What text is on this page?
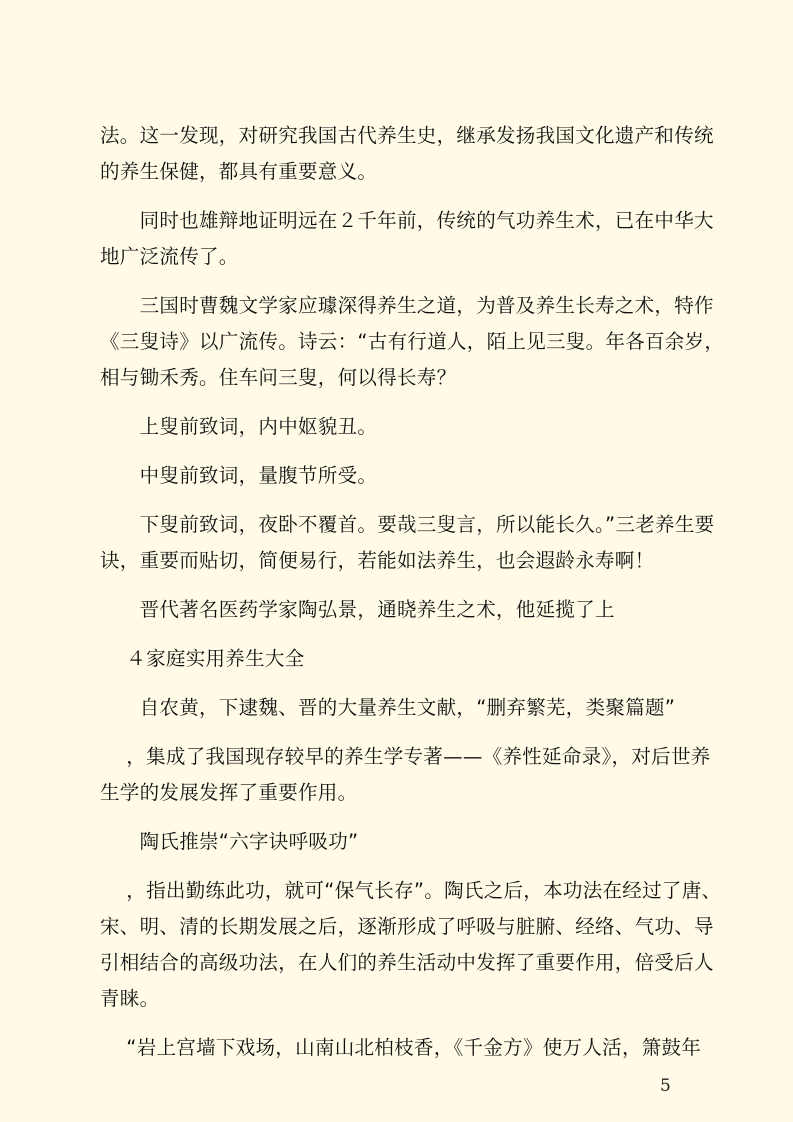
法。这一发现，对研究我国古代养生史，继承发扬我国文化遗产和传统
的养生保健，都具有重要意义。
　　同时也雄辩地证明远在２千年前，传统的气功养生术，已在中华大
地广泛流传了。
　　三国时曹魏文学家应璩深得养生之道，为普及养生长寿之术，特作
《三叟诗》以广流传。诗云：“古有行道人，陌上见三叟。年各百余岁，
相与锄禾秀。住车问三叟，何以得长寿？
　　上叟前致词，内中妪貌丑。
　　中叟前致词，量腹节所受。
　　下叟前致词，夜卧不覆首。要哉三叟言，所以能长久。”三老养生要
诀，重要而贴切，简便易行，若能如法养生，也会遐龄永寿啊！
　　晋代著名医药学家陶弘景，通晓养生之术，他延揽了上
　 ４家庭实用养生大全
　　自农黄，下逮魏、晋的大量养生文献，“删弃繁芜，类聚篇题”
　 ，集成了我国现存较早的养生学专著——《养性延命录》，对后世养
生学的发展发挥了重要作用。
　　陶氏推崇“六字诀呼吸功”
　 ，指出勤练此功，就可“保气长存”。陶氏之后，本功法在经过了唐、
宋、明、清的长期发展之后，逐渐形成了呼吸与脏腑、经络、气功、导
引相结合的高级功法，在人们的养生活动中发挥了重要作用，倍受后人
青睐。
　 “岩上宫墙下戏场，山南山北柏枝香，《千金方》使万人活，箫鼓年
5
